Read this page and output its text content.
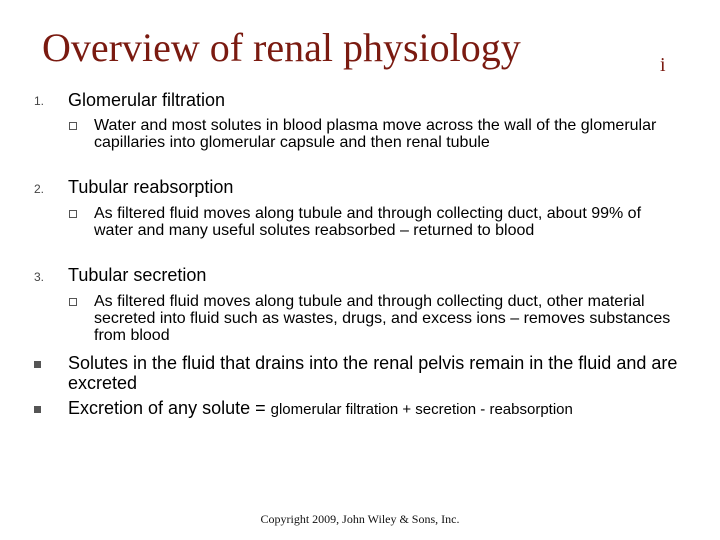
Overview of renal physiology	i
1. Glomerular filtration
Water and most solutes in blood plasma move across the wall of the glomerular capillaries into glomerular capsule and then renal tubule
2. Tubular reabsorption
As filtered fluid moves along tubule and through collecting duct, about 99% of water and many useful solutes reabsorbed – returned to blood
3. Tubular secretion
As filtered fluid moves along tubule and through collecting duct, other material secreted into fluid such as wastes, drugs, and excess ions – removes substances from blood
Solutes in the fluid that drains into the renal pelvis remain in the fluid and are excreted
Excretion of any solute = glomerular filtration + secretion - reabsorption
Copyright 2009, John Wiley & Sons, Inc.
